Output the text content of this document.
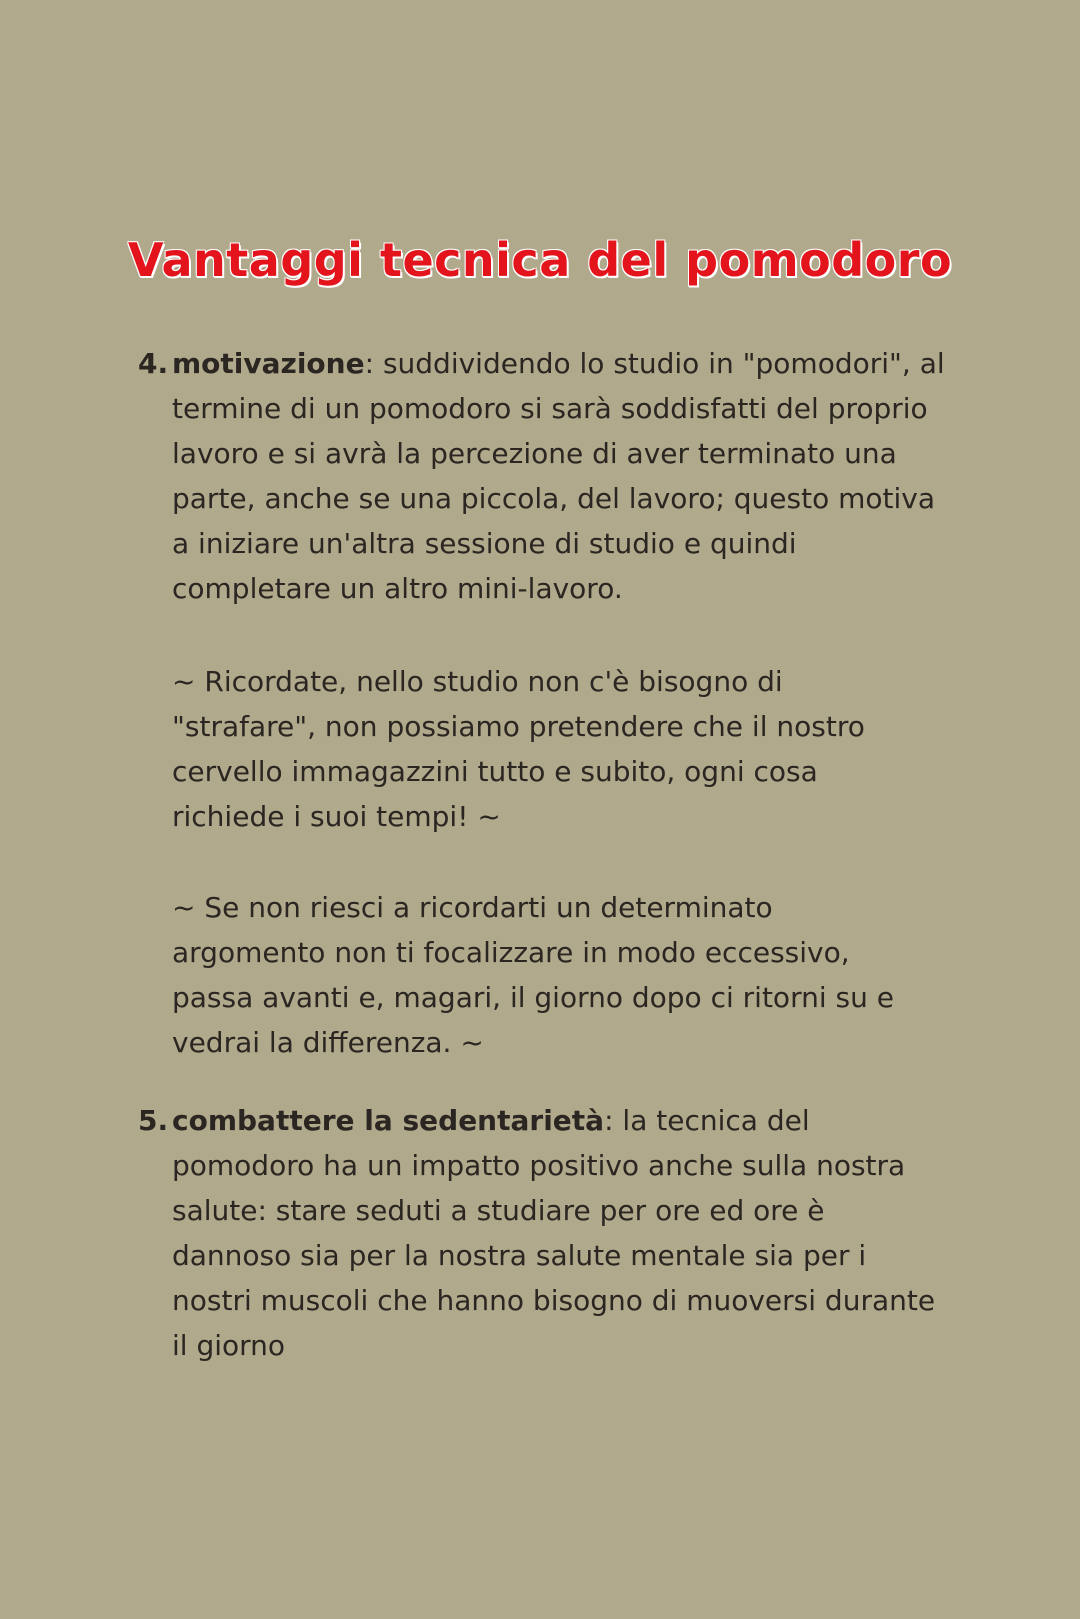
Vantaggi tecnica del pomodoro

4. motivazione: suddividendo lo studio in "pomodori", al termine di un pomodoro si sarà soddisfatti del proprio lavoro e si avrà la percezione di aver terminato una parte, anche se una piccola, del lavoro; questo motiva a iniziare un'altra sessione di studio e quindi completare un altro mini-lavoro.

~ Ricordate, nello studio non c'è bisogno di "strafare", non possiamo pretendere che il nostro cervello immagazzini tutto e subito, ogni cosa richiede i suoi tempi! ~

~ Se non riesci a ricordarti un determinato argomento non ti focalizzare in modo eccessivo, passa avanti e, magari, il giorno dopo ci ritorni su e vedrai la differenza. ~

5. combattere la sedentarietà: la tecnica del pomodoro ha un impatto positivo anche sulla nostra salute: stare seduti a studiare per ore ed ore è dannoso sia per la nostra salute mentale sia per i nostri muscoli che hanno bisogno di muoversi durante il giorno
